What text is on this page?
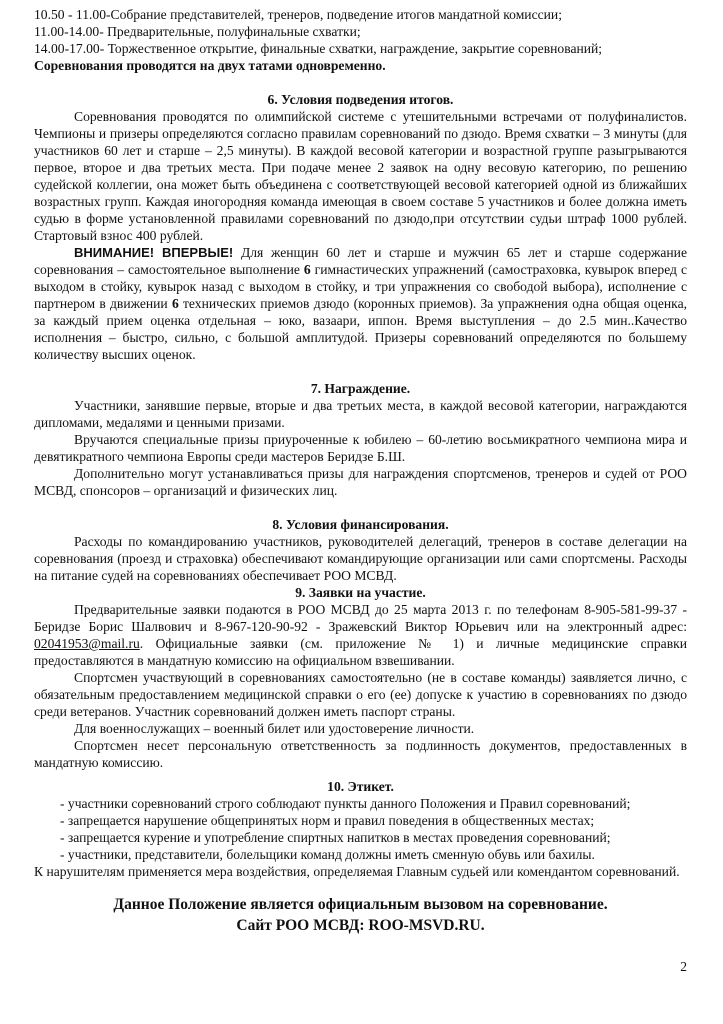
10.50 - 11.00-Собрание представителей, тренеров, подведение итогов мандатной комиссии;

11.00-14.00- Предварительные, полуфинальные схватки;

14.00-17.00- Торжественное открытие, финальные схватки, награждение, закрытие соревнований;

Соревнования проводятся на двух татами одновременно.

6. Условия подведения итогов.

Соревнования проводятся по олимпийской системе с утешительными встречами от полуфиналистов. Чемпионы и призеры определяются согласно правилам соревнований по дзюдо. Время схватки – 3 минуты (для участников 60 лет и старше – 2,5 минуты). В каждой весовой категории и возрастной группе разыгрываются первое, второе и два третьих места. При подаче менее 2 заявок на одну весовую категорию, по решению судейской коллегии, она может быть объединена с соответствующей весовой категорией одной из ближайших возрастных групп. Каждая иногородняя команда имеющая в своем составе 5 участников и более должна иметь судью в форме установленной правилами соревнований по дзюдо,при отсутствии судьи штраф 1000 рублей. Стартовый взнос 400 рублей.

ВНИМАНИЕ! ВПЕРВЫЕ! Для женщин 60 лет и старше и мужчин 65 лет и старше содержание соревнования – самостоятельное выполнение 6 гимнастических упражнений (самостраховка, кувырок вперед с выходом в стойку, кувырок назад с выходом в стойку, и три упражнения со свободой выбора), исполнение с партнером в движении 6 технических приемов дзюдо (коронных приемов). За упражнения одна общая оценка, за каждый прием оценка отдельная – юко, вазаари, иппон. Время выступления – до 2.5 мин..Качество исполнения – быстро, сильно, с большой амплитудой. Призеры соревнований определяются по большему количеству высших оценок.

7. Награждение.

Участники, занявшие первые, вторые и два третьих места, в каждой весовой категории, награждаются дипломами, медалями и ценными призами.

Вручаются специальные призы приуроченные к юбилею – 60-летию восьмикратного чемпиона мира и девятикратного чемпиона Европы среди мастеров Беридзе Б.Ш.

Дополнительно могут устанавливаться призы для награждения спортсменов, тренеров и судей от РОО МСВД, спонсоров – организаций и физических лиц.

8. Условия финансирования.

Расходы по командированию участников, руководителей делегаций, тренеров в составе делегации на соревнования (проезд и страховка) обеспечивают командирующие организации или сами спортсмены. Расходы на питание судей на соревнованиях обеспечивает РОО МСВД.

9. Заявки на участие.

Предварительные заявки подаются в РОО МСВД до 25 марта 2013 г. по телефонам 8-905-581-99-37 - Беридзе Борис Шалвович и 8-967-120-90-92 - Зражевский Виктор Юрьевич или на электронный адрес: 02041953@mail.ru. Официальные заявки (см. приложение № 1) и личные медицинские справки предоставляются в мандатную комиссию на официальном взвешивании.

Спортсмен участвующий в соревнованиях самостоятельно (не в составе команды) заявляется лично, с обязательным предоставлением медицинской справки о его (ее) допуске к участию в соревнованиях по дзюдо среди ветеранов. Участник соревнований должен иметь паспорт страны.

Для военнослужащих – военный билет или удостоверение личности.

Спортсмен несет персональную ответственность за подлинность документов, предоставленных в мандатную комиссию.

10. Этикет.

- участники соревнований строго соблюдают пункты данного Положения и Правил соревнований;

- запрещается нарушение общепринятых норм и правил поведения в общественных местах;

- запрещается курение и употребление спиртных напитков в местах проведения соревнований;

- участники, представители, болельщики команд должны иметь сменную обувь или бахилы.

К нарушителям применяется мера воздействия, определяемая Главным судьей или комендантом соревнований.

Данное Положение является официальным вызовом на соревнование.

Сайт РОО МСВД: ROO-MSVD.RU.

2
